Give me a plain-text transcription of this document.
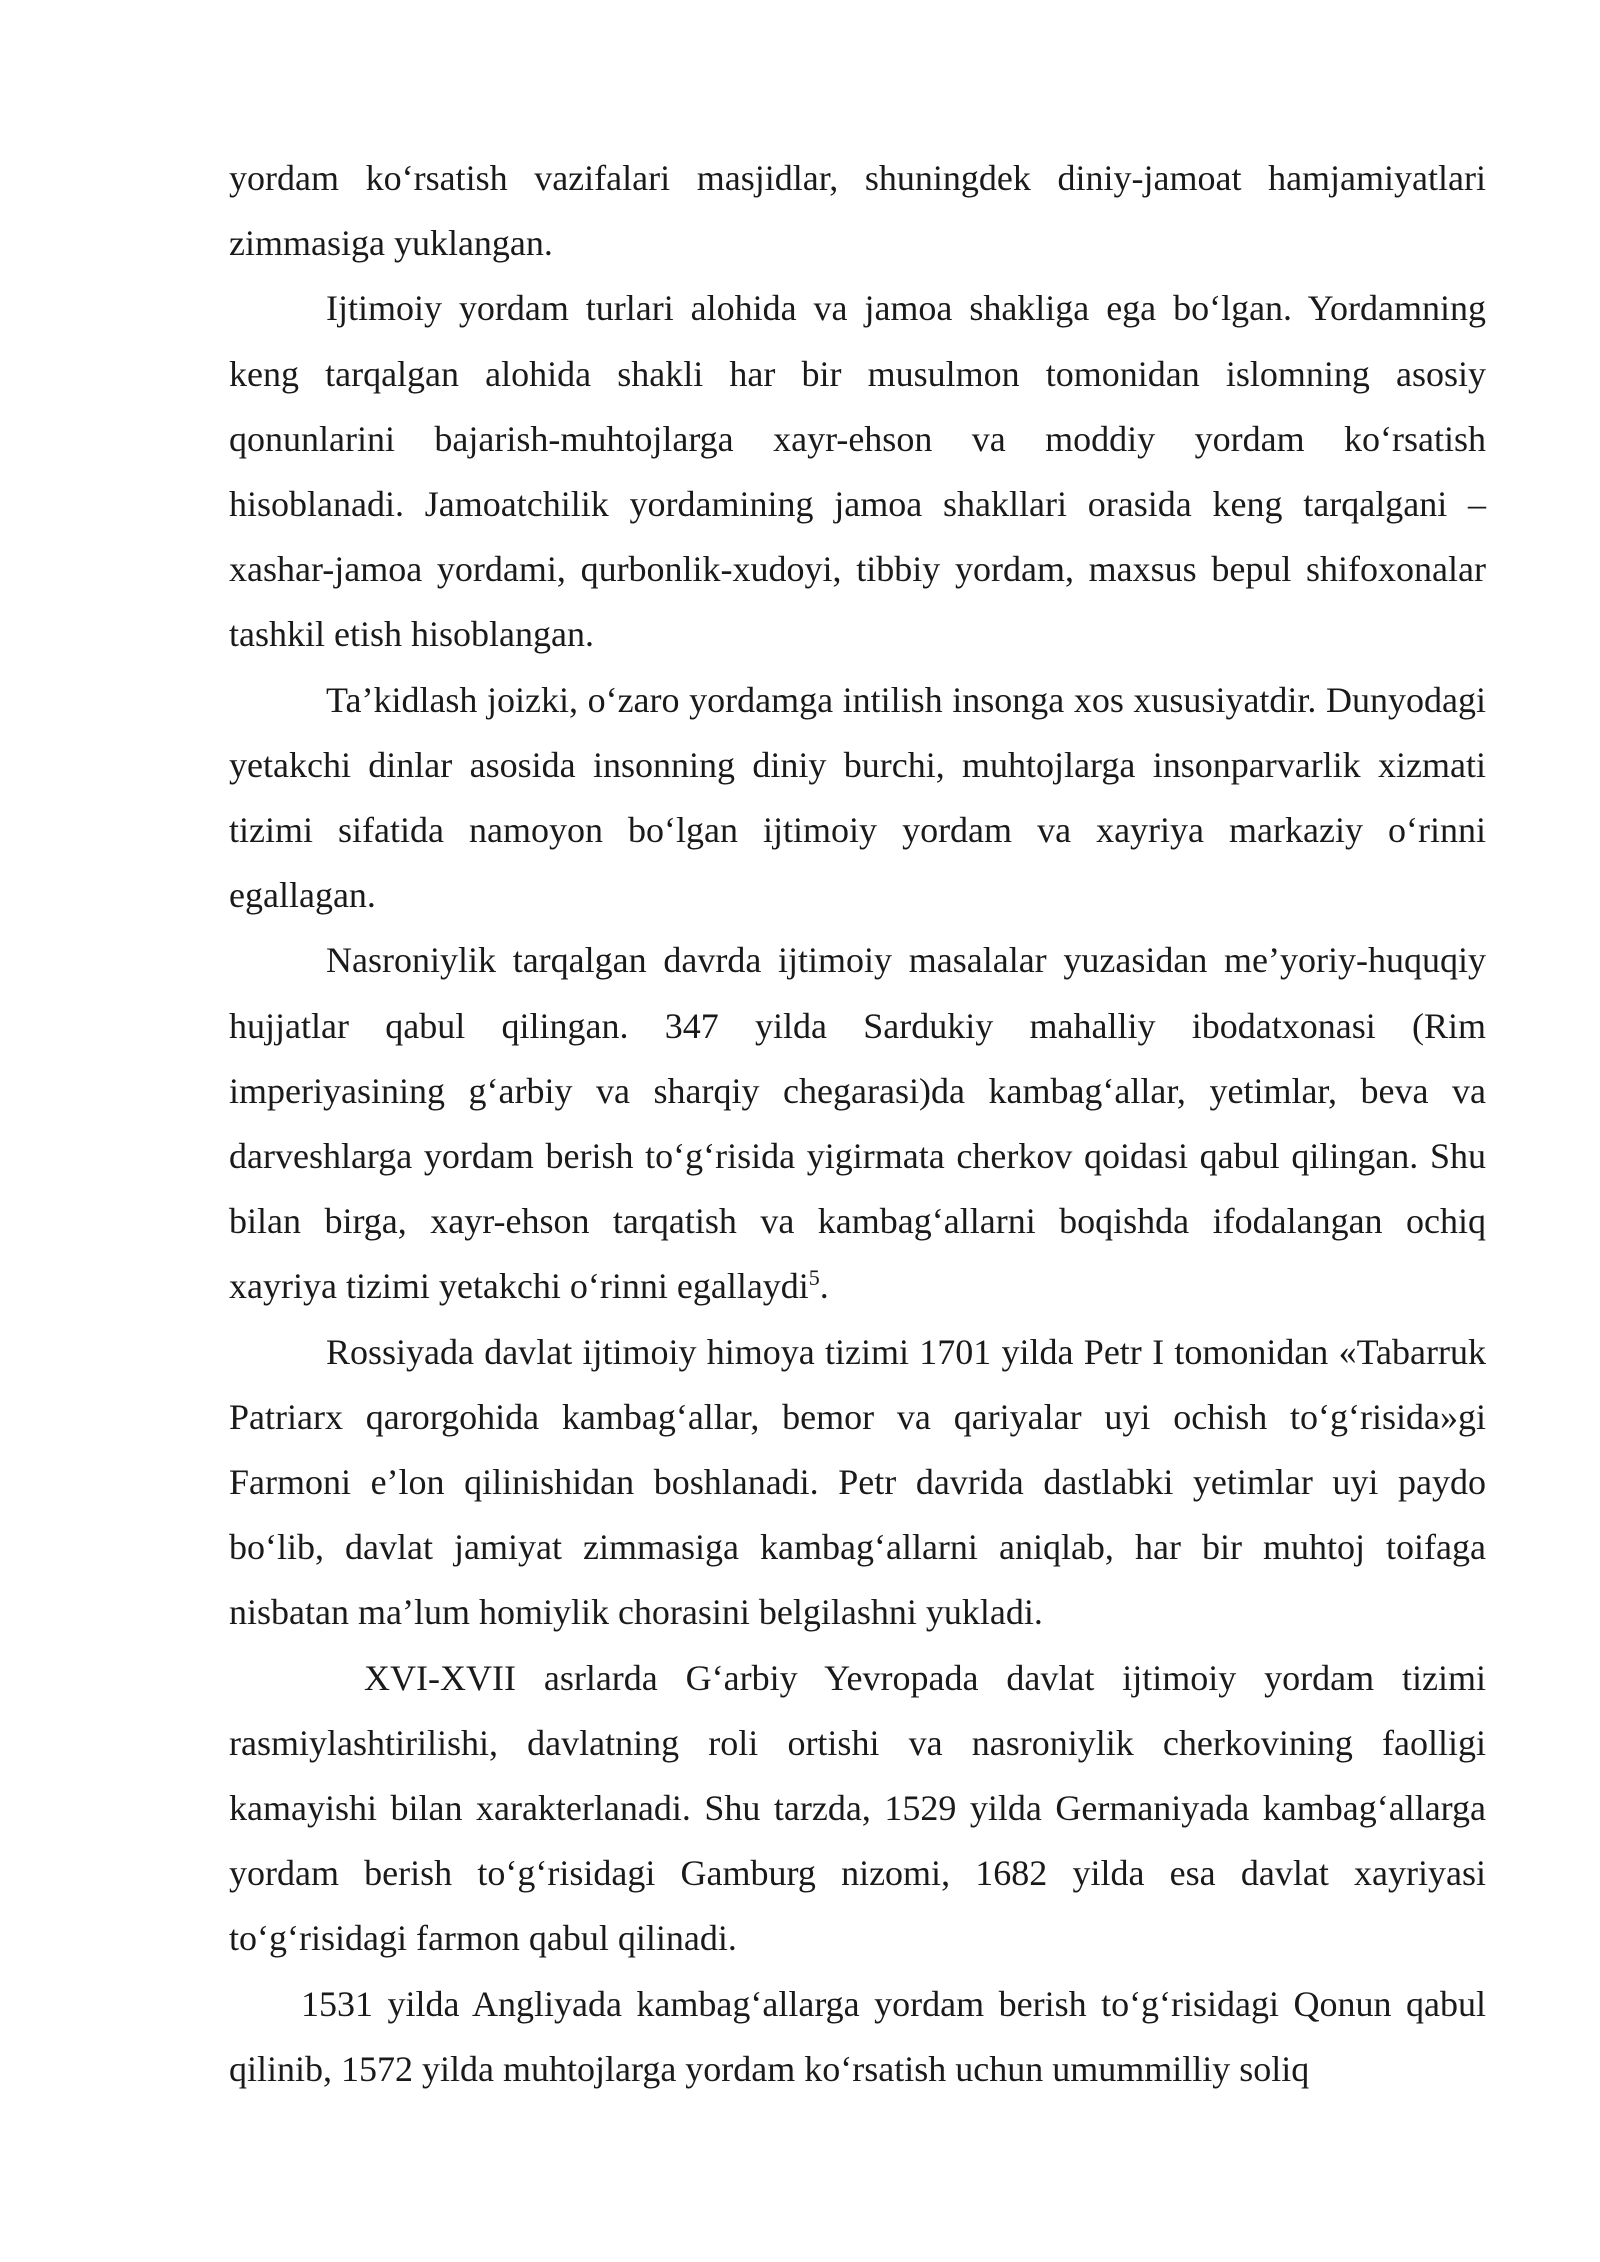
yordam ko‘rsatish vazifalari masjidlar, shuningdek diniy-jamoat hamjamiyatlari zimmasiga yuklangan.

Ijtimoiy yordam turlari alohida va jamoa shakliga ega bo‘lgan. Yordamning keng tarqalgan alohida shakli har bir musulmon tomonidan islomning asosiy qonunlarini bajarish-muhtojlarga xayr-ehson va moddiy yordam ko‘rsatish hisoblanadi. Jamoatchilik yordamining jamoa shakllari orasida keng tarqalgani – xashar-jamoa yordami, qurbonlik-xudoyi, tibbiy yordam, maxsus bepul shifoxonalar tashkil etish hisoblangan.

Ta’kidlash joizki, o‘zaro yordamga intilish insonga xos xususiyatdir. Dunyodagi yetakchi dinlar asosida insonning diniy burchi, muhtojlarga insonparvarlik xizmati tizimi sifatida namoyon bo‘lgan ijtimoiy yordam va xayriya markaziy o‘rinni egallagan.

Nasroniylik tarqalgan davrda ijtimoiy masalalar yuzasidan me’yoriy-huquqiy hujjatlar qabul qilingan. 347 yilda Sardukiy mahalliy ibodatxonasi (Rim imperiyasining g‘arbiy va sharqiy chegarasi)da kambag‘allar, yetimlar, beva va darveshlarga yordam berish to‘g‘risida yigirmata cherkov qoidasi qabul qilingan. Shu bilan birga, xayr-ehson tarqatish va kambag‘allarni boqishda ifodalangan ochiq xayriya tizimi yetakchi o‘rinni egallaydi$^5$.

Rossiyada davlat ijtimoiy himoya tizimi 1701 yilda Petr I tomonidan «Tabarruk Patriarx qarorgohida kambag‘allar, bemor va qariyalar uyi ochish to‘g‘risida»gi Farmoni e’lon qilinishidan boshlanadi. Petr davrida dastlabki yetimlar uyi paydo bo‘lib, davlat jamiyat zimmasiga kambag‘allarni aniqlab, har bir muhtoj toifaga nisbatan ma’lum homiylik chorasini belgilashni yukladi.

XVI-XVII asrlarda G‘arbiy Yevropada davlat ijtimoiy yordam tizimi rasmiylashtirilishi, davlatning roli ortishi va nasroniylik cherkovining faolligi kamayishi bilan xarakterlanadi. Shu tarzda, 1529 yilda Germaniyada kambag‘allarga yordam berish to‘g‘risidagi Gamburg nizomi, 1682 yilda esa davlat xayriyasi to‘g‘risidagi farmon qabul qilinadi.

1531 yilda Angliyada kambag‘allarga yordam berish to‘g‘risidagi Qonun qabul qilinib, 1572 yilda muhtojlarga yordam ko‘rsatish uchun umummilliy soliq
